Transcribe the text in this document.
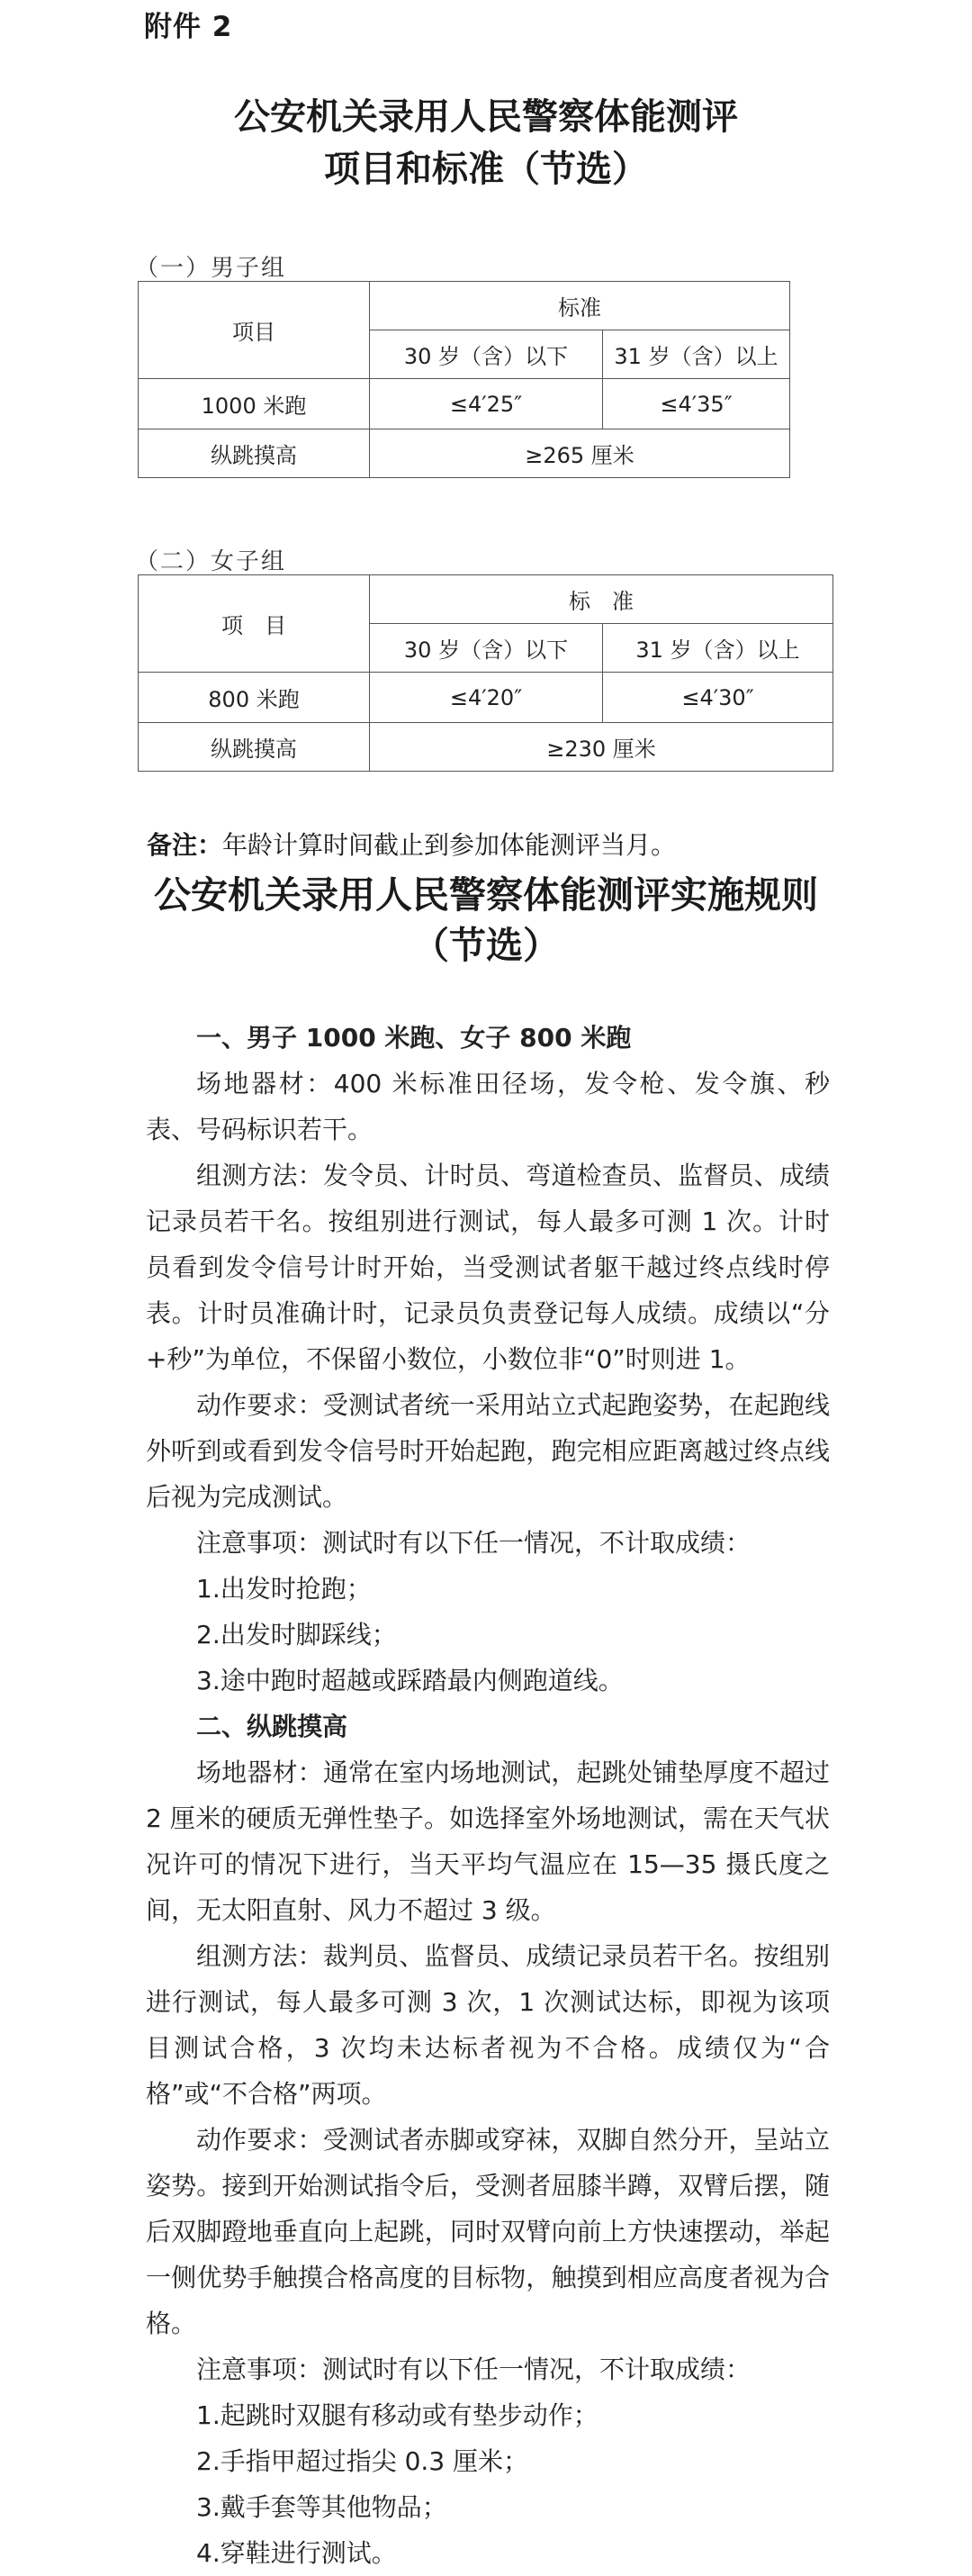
附件 2
公安机关录用人民警察体能测评
项目和标准（节选）
（一）男子组
项目	标准	
	30 岁（含）以下	31 岁（含）以上
1000 米跑	≤4′25″	≤4′35″
纵跳摸高	≥265 厘米	
（二）女子组
项　目	标　准	
	30 岁（含）以下	31 岁（含）以上
800 米跑	≤4′20″	≤4′30″
纵跳摸高	≥230 厘米	
备注：年龄计算时间截止到参加体能测评当月。
公安机关录用人民警察体能测评实施规则
（节选）

一、男子 1000 米跑、女子 800 米跑

场地器材：400 米标准田径场，发令枪、发令旗、秒表、号码标识若干。

组测方法：发令员、计时员、弯道检查员、监督员、成绩记录员若干名。按组别进行测试，每人最多可测 1 次。计时员看到发令信号计时开始，当受测试者躯干越过终点线时停表。计时员准确计时，记录员负责登记每人成绩。成绩以“分+秒”为单位，不保留小数位，小数位非“0”时则进 1。

动作要求：受测试者统一采用站立式起跑姿势，在起跑线外听到或看到发令信号时开始起跑，跑完相应距离越过终点线后视为完成测试。

注意事项：测试时有以下任一情况，不计取成绩：

1.出发时抢跑；

2.出发时脚踩线；

3.途中跑时超越或踩踏最内侧跑道线。

二、纵跳摸高

场地器材：通常在室内场地测试，起跳处铺垫厚度不超过 2 厘米的硬质无弹性垫子。如选择室外场地测试，需在天气状况许可的情况下进行，当天平均气温应在 15—35 摄氏度之间，无太阳直射、风力不超过 3 级。

组测方法：裁判员、监督员、成绩记录员若干名。按组别进行测试，每人最多可测 3 次，1 次测试达标，即视为该项目测试合格，3 次均未达标者视为不合格。成绩仅为“合格”或“不合格”两项。

动作要求：受测试者赤脚或穿袜，双脚自然分开，呈站立姿势。接到开始测试指令后，受测者屈膝半蹲，双臂后摆，随后双脚蹬地垂直向上起跳，同时双臂向前上方快速摆动，举起一侧优势手触摸合格高度的目标物，触摸到相应高度者视为合格。

注意事项：测试时有以下任一情况，不计取成绩：

1.起跳时双腿有移动或有垫步动作；

2.手指甲超过指尖 0.3 厘米；

3.戴手套等其他物品；

4.穿鞋进行测试。
